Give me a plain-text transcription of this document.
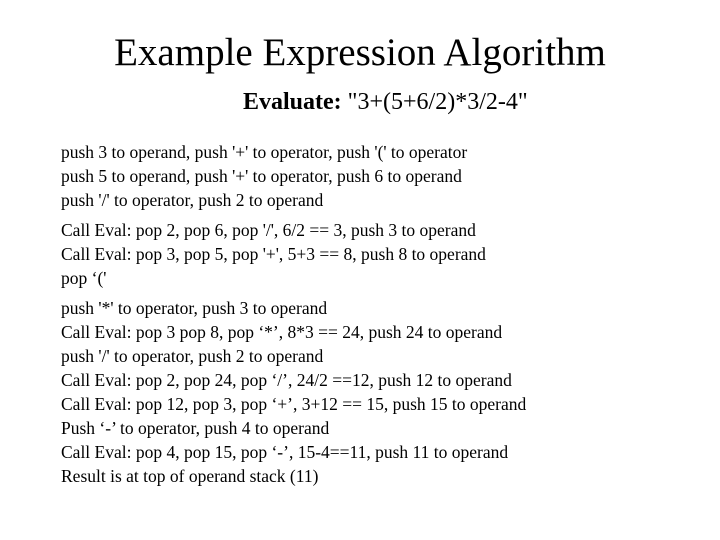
Example Expression Algorithm
Evaluate: "3+(5+6/2)*3/2-4"
push 3 to operand, push '+' to operator, push '(' to operator
push 5 to operand, push '+' to operator, push 6 to operand
push '/' to operator, push 2 to operand
Call Eval: pop 2, pop 6, pop '/', 6/2 == 3, push 3 to operand
Call Eval: pop 3, pop 5, pop '+', 5+3 == 8, push 8 to operand
pop ‘('
push '*' to operator, push 3 to operand
Call Eval: pop 3 pop 8, pop ‘*’, 8*3 == 24, push 24 to operand
push '/' to operator, push 2 to operand
Call Eval: pop 2, pop 24, pop ‘/’, 24/2 ==12, push 12 to operand
Call Eval: pop 12, pop 3, pop ‘+’, 3+12 == 15, push 15 to operand
Push ‘-’ to operator, push 4 to operand
Call Eval: pop 4, pop 15, pop ‘-’, 15-4==11, push 11 to operand
Result is at top of operand stack (11)
